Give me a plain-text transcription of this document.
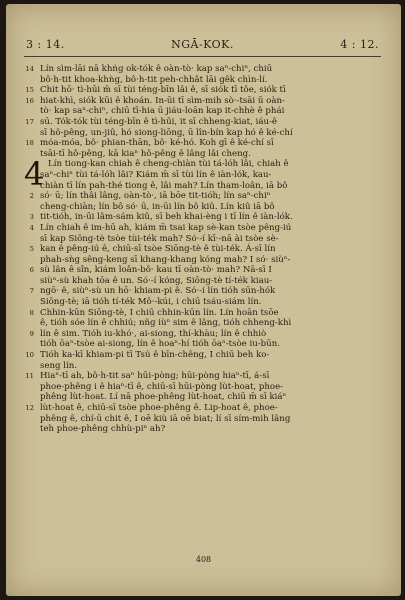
3 : 14.	NGĀ-KOK.	4 : 12.
14 Lín sìm-lāi nā khṅg ok-tók ê oàn-tò· kap saⁿ-chiⁿ, chiū
bô·h-tit khoa-khǹg, bô·h-tit peh-chhât lāi gêk chìn-lí.
15 Chit hō· tì-hūi m̄ sī tùi téng-bīn lâi ê, sī siók tī tôe, siók tī
16 hiat-khì, siók kūi ê khoán. In-ūi tī sìm-mih sò·-tsāi ū oàn-
tò· kap saⁿ-chiⁿ, chiū tī-hia ū jiáu-loān kap it-chhè ê phái
17 sū. Tók-tók tùi téng-bīn ê tì-hūi, it sī chheng-kiat, iáu-ê
sī hô-pêng, un-jiû, hó siong-liōng, ū lîn-bín kap hó ê ké-chí
18 móa-móa, bô· phian-thān, bô· ké-hó. Koh gī ê ké-chí sī
tsāi-tī hô-pêng, kā kiaⁿ hô-pêng ê lâng lâi cheng.
4 Lín tiong-kan chiah ê cheng-chiàn tùi tá-lóh lâi, chiah ê
saⁿ-chiⁿ tùi tá-lóh lâi? Kiám m̄ sī tùi lín ê iàn-lók, kau-
chiàn tī lín pah-thé tiong ê, lâi mah? Lín tham-loân, iā bô
2 só· ū; lín thâi lâng, oàn-tò·, iā bōe tit-tióh; lín saⁿ-chiⁿ
cheng-chiàn; lín bô só· ū, in-ūi lín bô kiû. Lín kiû iā bô
3 tit-tióh, in-ūi lâm-sám kiû, sī beh khai-èng i tī lín ê iàn-lók.
4 Lín chiah ê im-hū ah, kiám m̄ tsai kap sè-kan tsòe pêng-iú
sī kap Siōng-tè tsòe tùi-ték mah? Só·-í kī·-nā ài tsòe sè-
5 kan ê pêng-iú ê, chiū-sī tsòe Siōng-tè ê tùi-ték. Á-sī lín
phah-sǹg sêng-keng sī khang-khang kóng mah? I só· siùⁿ-
6 sù lân ê sîn, kiám loân-bô· kau tī oàn-tò· mah? Nā-sī I
siùⁿ-sù khah tōa ê un. Só·-í kóng, Siōng-tè tí-ték kiau-
7 ngō· ê, siùⁿ-sù un hō· khiam-pi ê. Só·-í lín tióh sūn-hók
Siōng-tè; iā tióh tí-ték Mô·-kúi, i chiū tsáu-siám lín.
8 Chhin-kūn Siōng-tè, I chiū chhin-kūn lín. Lín hoān tsōe
ê, tióh sóe lín ê chhiú; nñg iùⁿ sim ê lâng, tióh chheng-khì
9 lín ê sim. Tióh iu-khó·, ai-siong, thí-khàu; lín ê chhiò
tióh ōaⁿ-tsòe ai-siong, lín ê hoaⁿ-hí tióh ōaⁿ-tsòe iu-būn.
10 Tióh ka-kī khiam-pi tī Tsú ê bīn-chêng, I chiū beh ko-
seng lín.
11 Hiaⁿ-tī ah, bô·h-tit saⁿ hūi-pòng; hūi-pòng hiaⁿ-tī, á-sī
phoe-phêng i ê hiaⁿ-tī ê, chiū-sī hūi-pòng lùt-hoat, phoe-
phêng lùt-hoat. Lí nā phoe-phêng lùt-hoat, chiū m̄ sī kiáⁿ
12 lùt-hoat ê, chiū-sī tsòe phoe-phêng ê. Lip-hoat ê, phoe-
phêng ê, chí-ū chit ê, I oē kiù iā oē biat; lí sī sím-mih lâng
teh phoe-phêng chhù-piⁿ ah?
408
